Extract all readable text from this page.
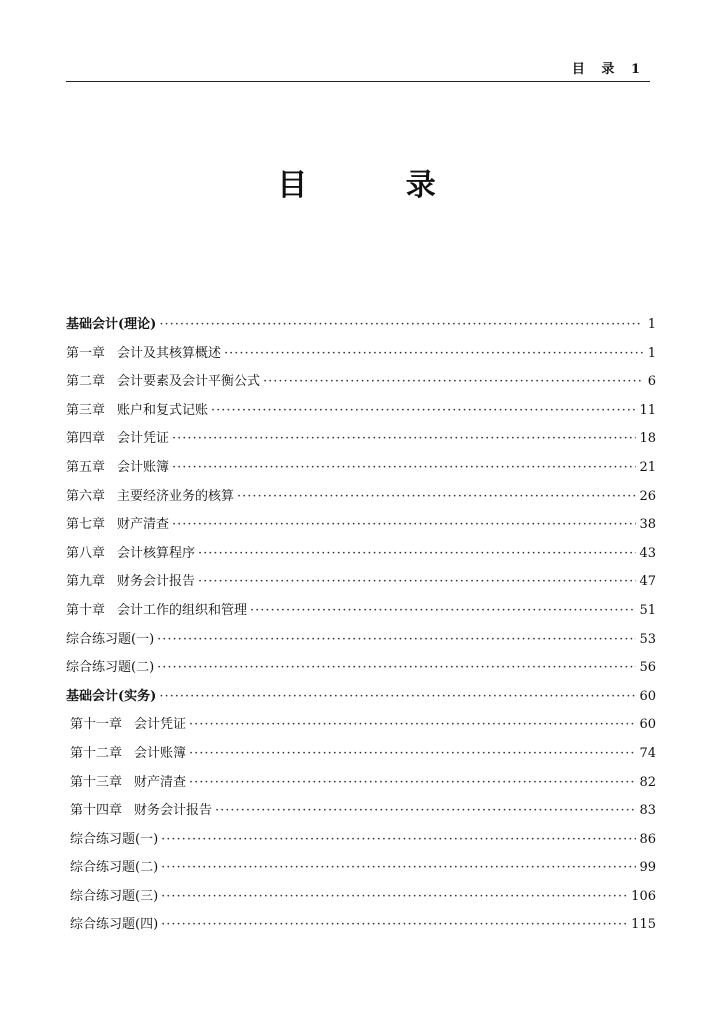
目 录 1
目 录
基础会计(理论) ·····	1
第一章 会计及其核算概述 ·····	1
第二章 会计要素及会计平衡公式 ·····	6
第三章 账户和复式记账 ·····	11
第四章 会计凭证 ·····	18
第五章 会计账簿 ·····	21
第六章 主要经济业务的核算 ·····	26
第七章 财产清查 ·····	38
第八章 会计核算程序 ·····	43
第九章 财务会计报告 ·····	47
第十章 会计工作的组织和管理 ·····	51
综合练习题(一) ·····	53
综合练习题(二) ·····	56
基础会计(实务) ·····	60
第十一章 会计凭证 ·····	60
第十二章 会计账簿 ·····	74
第十三章 财产清查 ·····	82
第十四章 财务会计报告 ·····	83
综合练习题(一) ·····	86
综合练习题(二) ·····	99
综合练习题(三) ·····	106
综合练习题(四) ·····	115
